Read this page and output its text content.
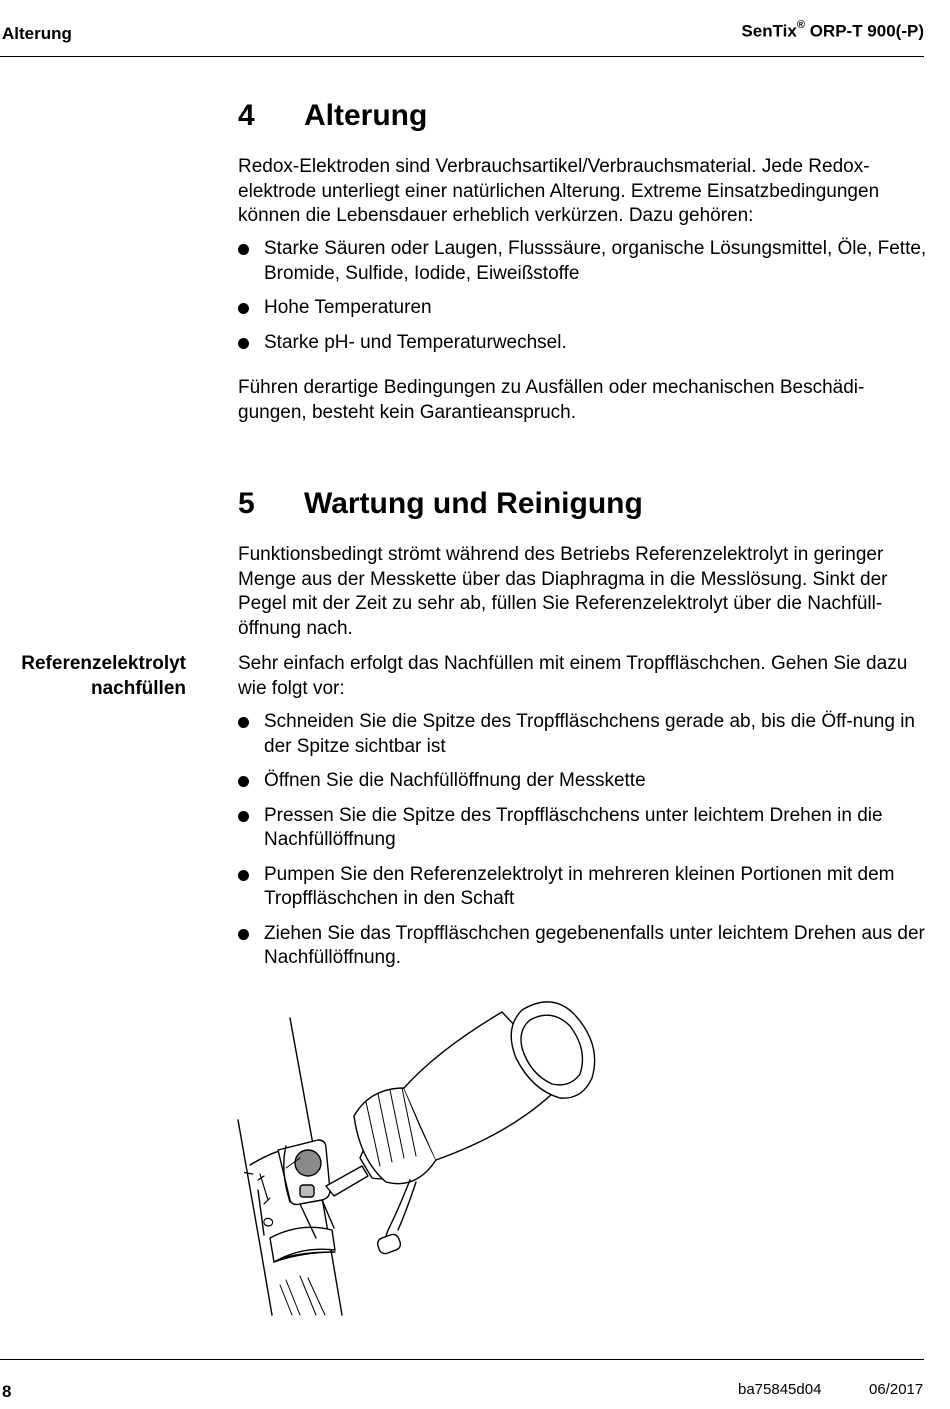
Alterung	SenTix® ORP-T 900(-P)
4 Alterung

Redox-Elektroden sind Verbrauchsartikel/Verbrauchsmaterial. Jede Redox-elektrode unterliegt einer natürlichen Alterung. Extreme Einsatzbedingungen können die Lebensdauer erheblich verkürzen. Dazu gehören:

Starke Säuren oder Laugen, Flusssäure, organische Lösungsmittel, Öle, Fette, Bromide, Sulfide, Iodide, Eiweißstoffe
Hohe Temperaturen
Starke pH- und Temperaturwechsel.

Führen derartige Bedingungen zu Ausfällen oder mechanischen Beschädi-gungen, besteht kein Garantieanspruch.

5 Wartung und Reinigung

Funktionsbedingt strömt während des Betriebs Referenzelektrolyt in geringer Menge aus der Messkette über das Diaphragma in die Messlösung. Sinkt der Pegel mit der Zeit zu sehr ab, füllen Sie Referenzelektrolyt über die Nachfüll-öffnung nach.

Referenzelektrolyt
nachfüllen

Sehr einfach erfolgt das Nachfüllen mit einem Tropffläschchen. Gehen Sie dazu wie folgt vor:

Schneiden Sie die Spitze des Tropffläschchens gerade ab, bis die Öff-nung in der Spitze sichtbar ist
Öffnen Sie die Nachfüllöffnung der Messkette
Pressen Sie die Spitze des Tropffläschchens unter leichtem Drehen in die Nachfüllöffnung
Pumpen Sie den Referenzelektrolyt in mehreren kleinen Portionen mit dem Tropffläschchen in den Schaft
Ziehen Sie das Tropffläschchen gegebenenfalls unter leichtem Drehen aus der Nachfüllöffnung.
I
O
8	ba75845d04	06/2017
